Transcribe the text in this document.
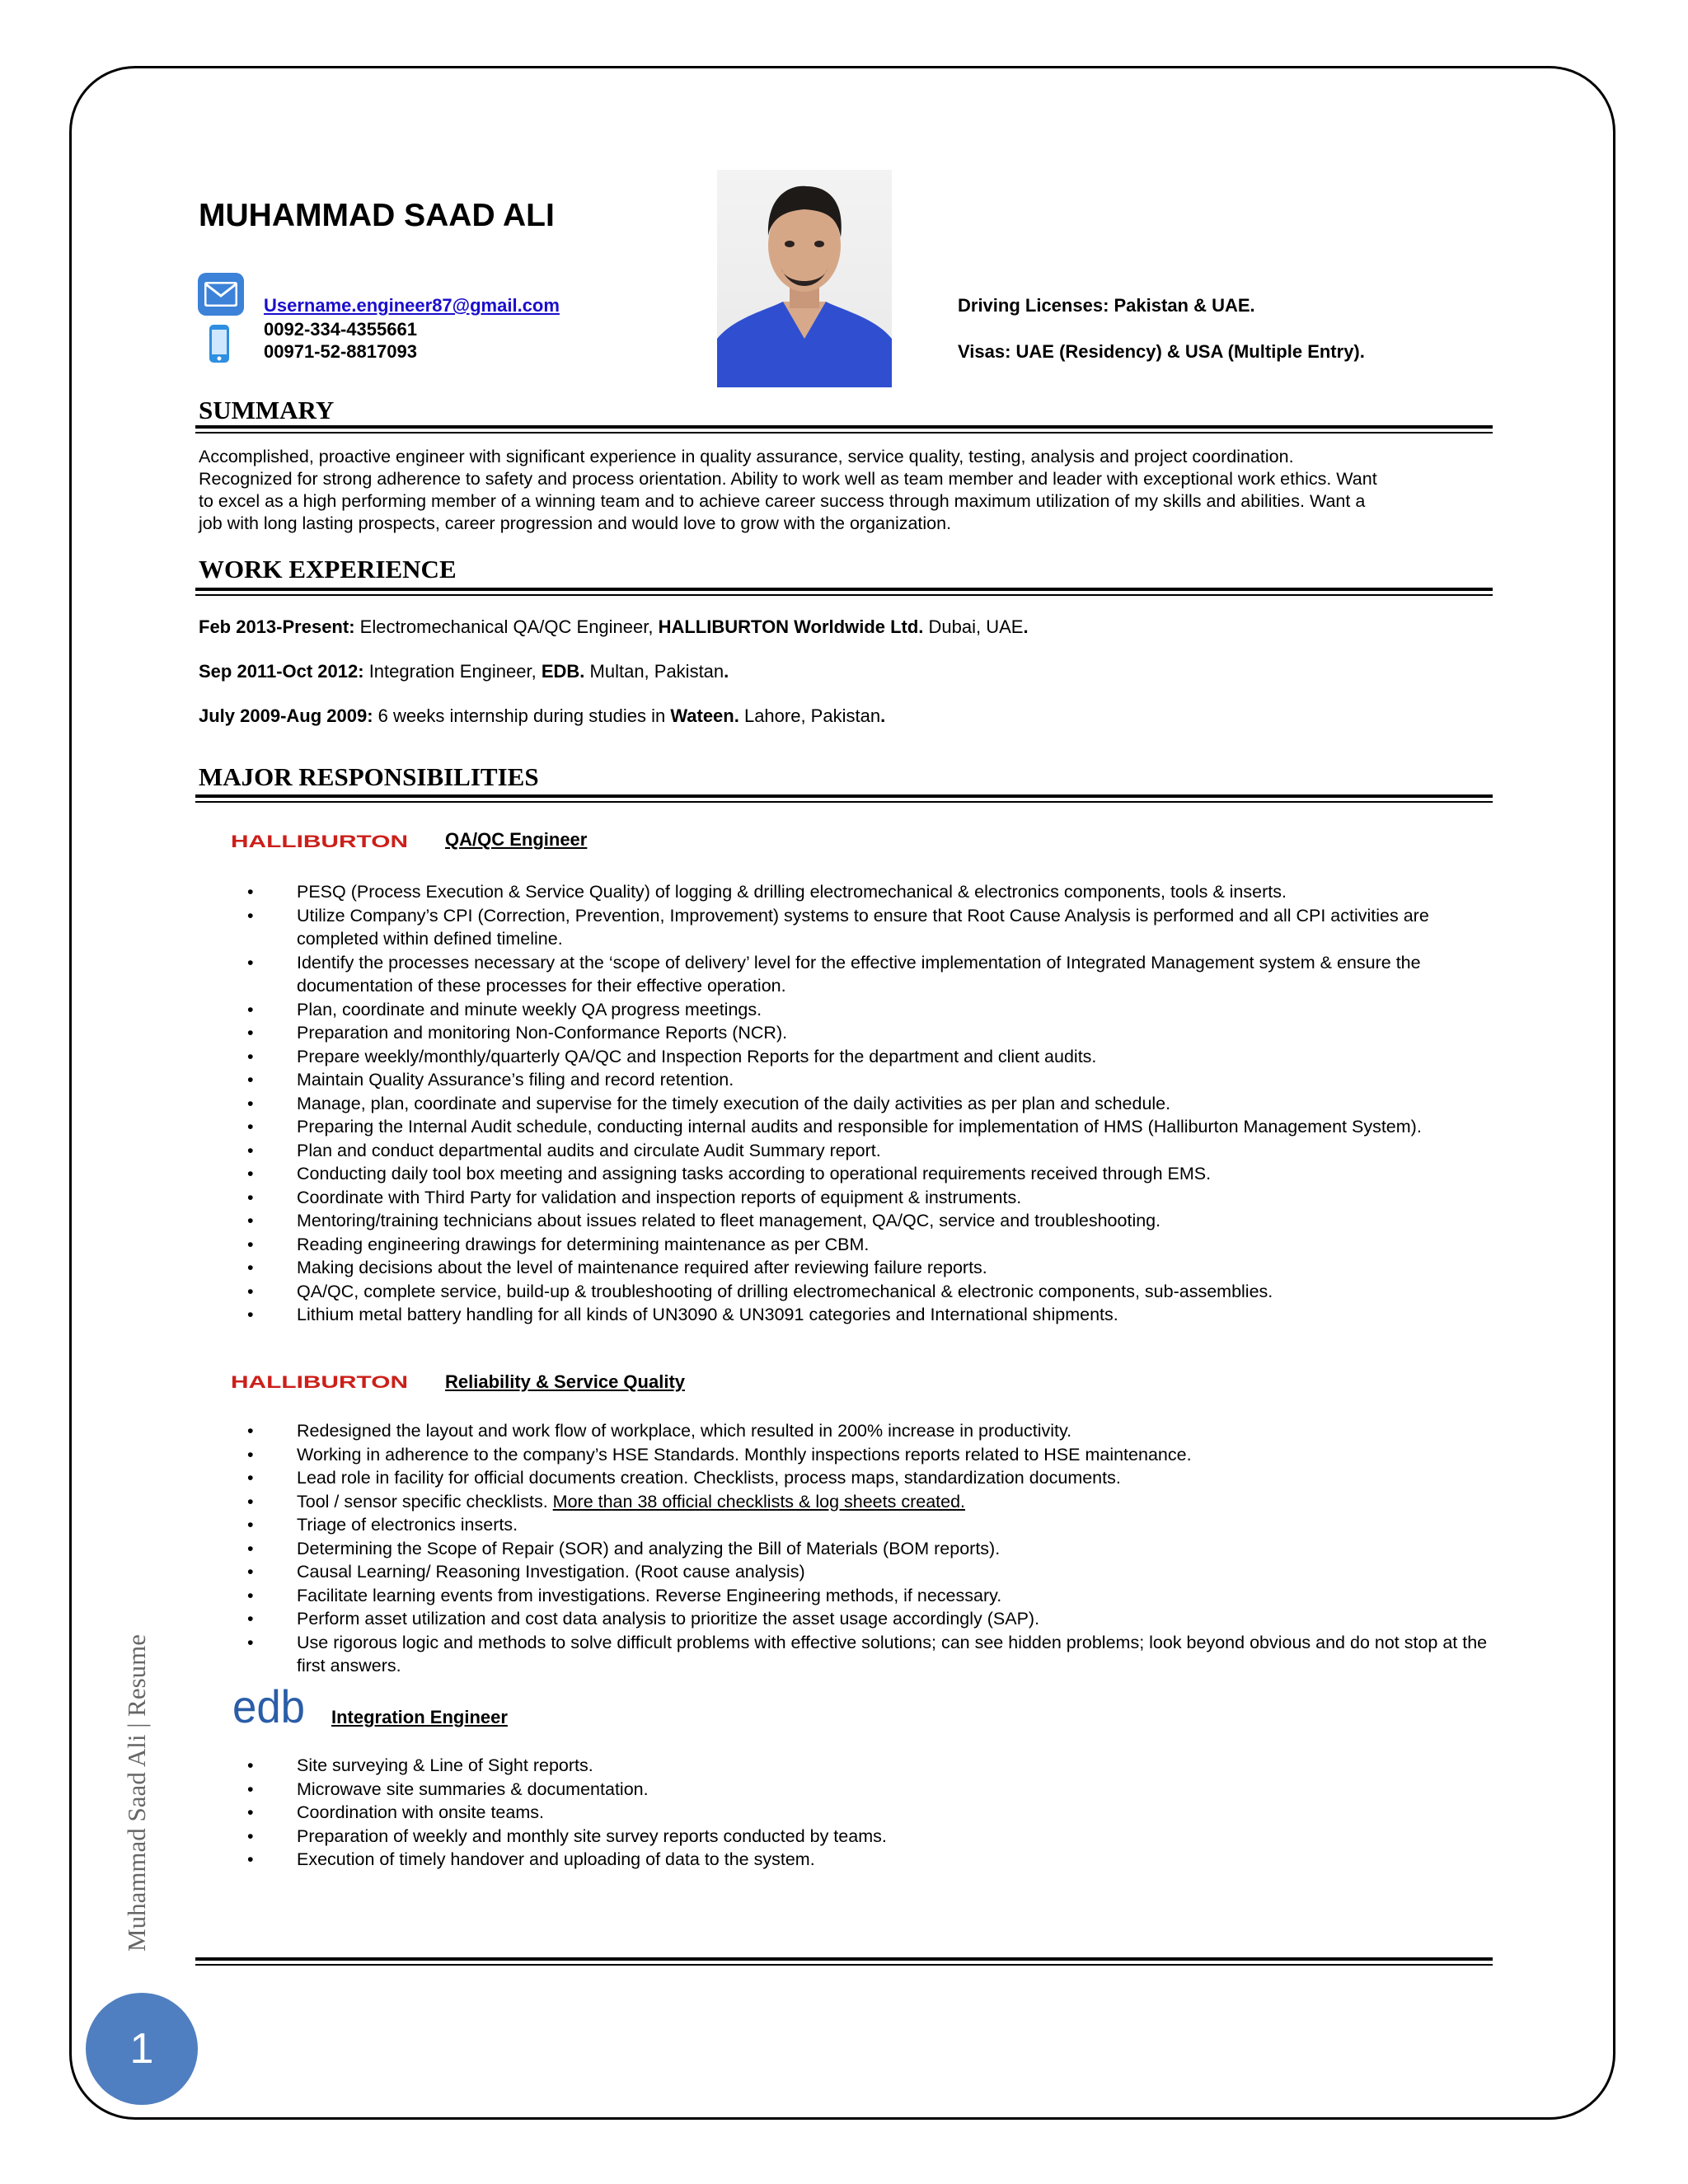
MUHAMMAD SAAD ALI
Username.engineer87@gmail.com
0092-334-4355661
00971-52-8817093
Driving Licenses: Pakistan & UAE.
Visas: UAE (Residency) & USA (Multiple Entry).
SUMMARY
Accomplished, proactive engineer with significant experience in quality assurance, service quality, testing, analysis and project coordination.
Recognized for strong adherence to safety and process orientation. Ability to work well as team member and leader with exceptional work ethics. Want
to excel as a high performing member of a winning team and to achieve career success through maximum utilization of my skills and abilities. Want a
job with long lasting prospects, career progression and would love to grow with the organization.
WORK EXPERIENCE
Feb 2013-Present: Electromechanical QA/QC Engineer, HALLIBURTON Worldwide Ltd. Dubai, UAE.
Sep 2011-Oct 2012: Integration Engineer, EDB. Multan, Pakistan.
July 2009-Aug 2009: 6 weeks internship during studies in Wateen. Lahore, Pakistan.
MAJOR RESPONSIBILITIES
HALLIBURTON QA/QC Engineer
• PESQ (Process Execution & Service Quality) of logging & drilling electromechanical & electronics components, tools & inserts.
• Utilize Company’s CPI (Correction, Prevention, Improvement) systems to ensure that Root Cause Analysis is performed and all CPI activities are completed within defined timeline.
• Identify the processes necessary at the ‘scope of delivery’ level for the effective implementation of Integrated Management system & ensure the documentation of these processes for their effective operation.
• Plan, coordinate and minute weekly QA progress meetings.
• Preparation and monitoring Non-Conformance Reports (NCR).
• Prepare weekly/monthly/quarterly QA/QC and Inspection Reports for the department and client audits.
• Maintain Quality Assurance’s filing and record retention.
• Manage, plan, coordinate and supervise for the timely execution of the daily activities as per plan and schedule.
• Preparing the Internal Audit schedule, conducting internal audits and responsible for implementation of HMS (Halliburton Management System).
• Plan and conduct departmental audits and circulate Audit Summary report.
• Conducting daily tool box meeting and assigning tasks according to operational requirements received through EMS.
• Coordinate with Third Party for validation and inspection reports of equipment & instruments.
• Mentoring/training technicians about issues related to fleet management, QA/QC, service and troubleshooting.
• Reading engineering drawings for determining maintenance as per CBM.
• Making decisions about the level of maintenance required after reviewing failure reports.
• QA/QC, complete service, build-up & troubleshooting of drilling electromechanical & electronic components, sub-assemblies.
• Lithium metal battery handling for all kinds of UN3090 & UN3091 categories and International shipments.
HALLIBURTON Reliability & Service Quality
• Redesigned the layout and work flow of workplace, which resulted in 200% increase in productivity.
• Working in adherence to the company’s HSE Standards. Monthly inspections reports related to HSE maintenance.
• Lead role in facility for official documents creation. Checklists, process maps, standardization documents.
• Tool / sensor specific checklists. More than 38 official checklists & log sheets created.
• Triage of electronics inserts.
• Determining the Scope of Repair (SOR) and analyzing the Bill of Materials (BOM reports).
• Causal Learning/ Reasoning Investigation. (Root cause analysis)
• Facilitate learning events from investigations. Reverse Engineering methods, if necessary.
• Perform asset utilization and cost data analysis to prioritize the asset usage accordingly (SAP).
• Use rigorous logic and methods to solve difficult problems with effective solutions; can see hidden problems; look beyond obvious and do not stop at the first answers.
edb Integration Engineer
• Site surveying & Line of Sight reports.
• Microwave site summaries & documentation.
• Coordination with onsite teams.
• Preparation of weekly and monthly site survey reports conducted by teams.
• Execution of timely handover and uploading of data to the system.
Muhammad Saad Ali | Resume
1
